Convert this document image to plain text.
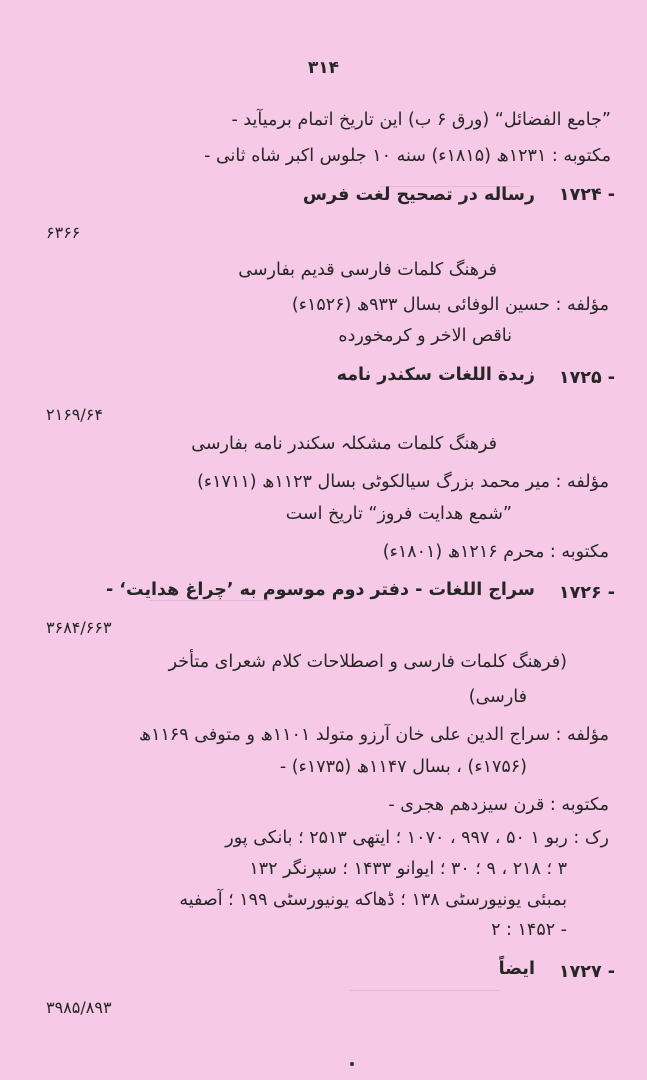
۳۱۴
”جامع الفضائل“ (ورق ۶ ب) این تاریخ اتمام برمیآید -
مکتوبه : ۱۲۳۱ھ (۱۸۱۵ء) سنه ۱۰ جلوس اکبر شاه ثانی -
۱۷۲۴ -
رساله در تصحیح لغت فرس
۶۳۶۶
فرهنگ کلمات فارسی قدیم بفارسی
مؤلفه : حسین الوفائی بسال ۹۳۳ھ (۱۵۲۶ء)
ناقص الاخر و کرمخورده
۱۷۲۵ -
زبدة اللغات سکندر نامه
۲۱۶۹/۶۴
فرهنگ کلمات مشکلہ سکندر نامه بفارسی
مؤلفه : میر محمد بزرگ سیالکوٹی بسال ۱۱۲۳ھ (۱۷۱۱ء)
”شمع هدایت فروز“ تاریخ است
مکتوبه : محرم ۱۲۱۶ھ (۱۸۰۱ء)
۱۷۲۶ -
سراج اللغات - دفتر دوم موسوم به ’چراغ هدایت‘ -
۳۶۸۴/۶۶۳
(فرهنگ کلمات فارسی و اصطلاحات کلام شعرای متأخر
فارسی)
مؤلفه : سراج الدین علی خان آرزو متولد ۱۱۰۱ھ و متوفی ۱۱۶۹ھ
(۱۷۵۶ء) ، بسال ۱۱۴۷ھ (۱۷۳۵ء) -
مکتوبه : قرن سیزدهم هجری -
رک : ربو ۱ ۵۰ ، ۹۹۷ ، ۱۰۷۰ ؛ ایتهی ۲۵۱۳ ؛ بانکی پور
۳ ؛ ۲۱۸ ، ۹ ؛ ۳۰ ؛ ایوانو ۱۴۳۳ ؛ سپرنگر ۱۳۲
بمبئی یونیورسٹی ۱۳۸ ؛ ڈھاکه یونیورسٹی ۱۹۹ ؛ آصفیه
۲ : ۱۴۵۲ -
۱۷۲۷ -
ایضاً
۳۹۸۵/۸۹۳
